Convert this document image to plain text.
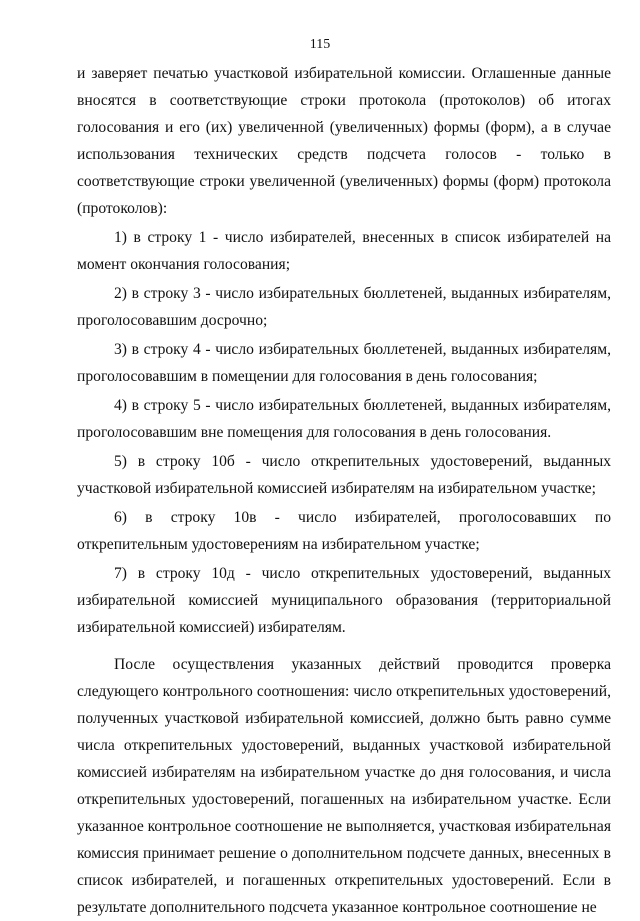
115

и заверяет печатью участковой избирательной комиссии. Оглашенные данные вносятся в соответствующие строки протокола (протоколов) об итогах голосования и его (их) увеличенной (увеличенных) формы (форм), а в случае использования технических средств подсчета голосов - только в соответствующие строки увеличенной (увеличенных) формы (форм) протокола (протоколов):

1) в строку 1 - число избирателей, внесенных в список избирателей на момент окончания голосования;

2) в строку 3 - число избирательных бюллетеней, выданных избирателям, проголосовавшим досрочно;

3) в строку 4 - число избирательных бюллетеней, выданных избирателям, проголосовавшим в помещении для голосования в день голосования;

4) в строку 5 - число избирательных бюллетеней, выданных избирателям, проголосовавшим вне помещения для голосования в день голосования.

5) в строку 10б - число открепительных удостоверений, выданных участковой избирательной комиссией избирателям на избирательном участке;

6) в строку 10в - число избирателей, проголосовавших по открепительным удостоверениям на избирательном участке;

7) в строку 10д - число открепительных удостоверений, выданных избирательной комиссией муниципального образования (территориальной избирательной комиссией) избирателям.

После осуществления указанных действий проводится проверка следующего контрольного соотношения: число открепительных удостоверений, полученных участковой избирательной комиссией, должно быть равно сумме числа открепительных удостоверений, выданных участковой избирательной комиссией избирателям на избирательном участке до дня голосования, и числа открепительных удостоверений, погашенных на избирательном участке. Если указанное контрольное соотношение не выполняется, участковая избирательная комиссия принимает решение о дополнительном подсчете данных, внесенных в список избирателей, и погашенных открепительных удостоверений. Если в результате дополнительного подсчета указанное контрольное соотношение не
